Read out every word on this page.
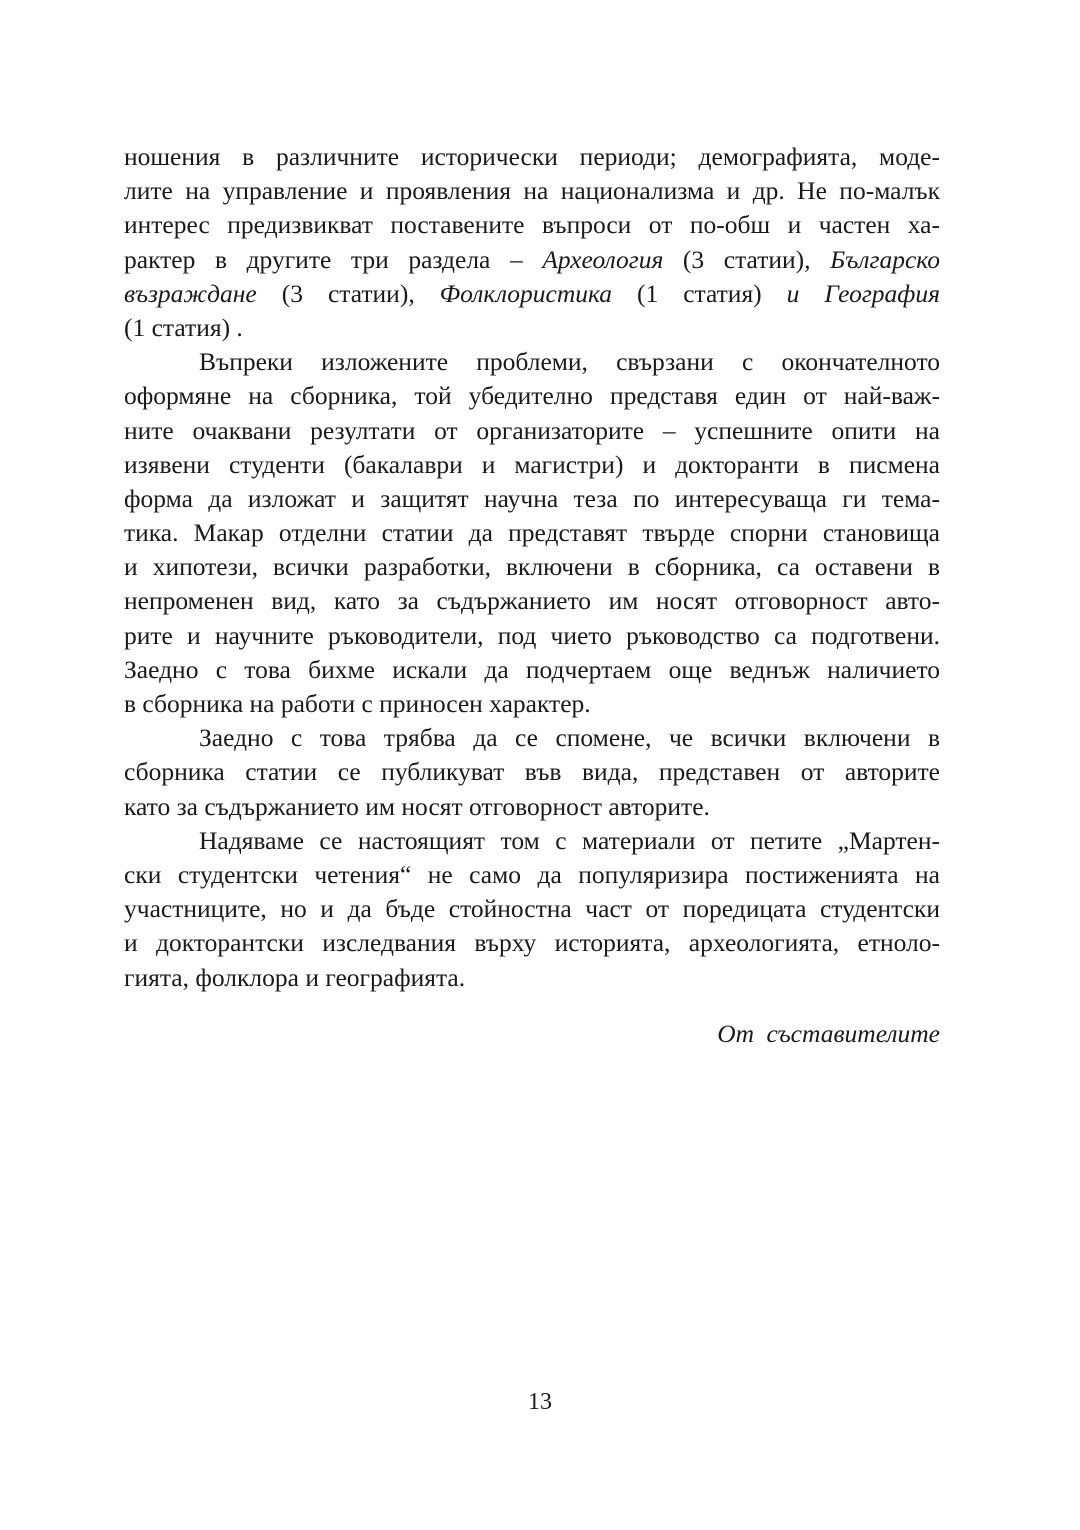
ношения в различните исторически периоди; демографията, моде-
лите на управление и проявления на национализма и др. Не по-малък
интерес предизвикват поставените въпроси от по-обш и частен ха-
рактер в другите три раздела – Археология (3 статии), Българско
възраждане (3 статии), Фолклористика (1 статия) и География
(1 статия) .
Въпреки изложените проблеми, свързани с окончателното
оформяне на сборника, той убедително представя един от най-важ-
ните очаквани резултати от организаторите – успешните опити на
изявени студенти (бакалаври и магистри) и докторанти в писмена
форма да изложат и защитят научна теза по интересуваща ги тема-
тика. Макар отделни статии да представят твърде спорни становища
и хипотези, всички разработки, включени в сборника, са оставени в
непроменен вид, като за съдържанието им носят отговорност авто-
рите и научните ръководители, под чието ръководство са подготвени.
Заедно с това бихме искали да подчертаем още веднъж наличието
в сборника на работи с приносен характер.
Заедно с това трябва да се спомене, че всички включени в
сборника статии се публикуват във вида, представен от авторите
като за съдържанието им носят отговорност авторите.
Надяваме се настоящият том с материали от петите „Мартен-
ски студентски четения“ не само да популяризира постиженията на
участниците, но и да бъде стойностна част от поредицата студентски
и докторантски изследвания върху историята, археологията, етноло-
гията, фолклора и географията.
От съставителите
13
